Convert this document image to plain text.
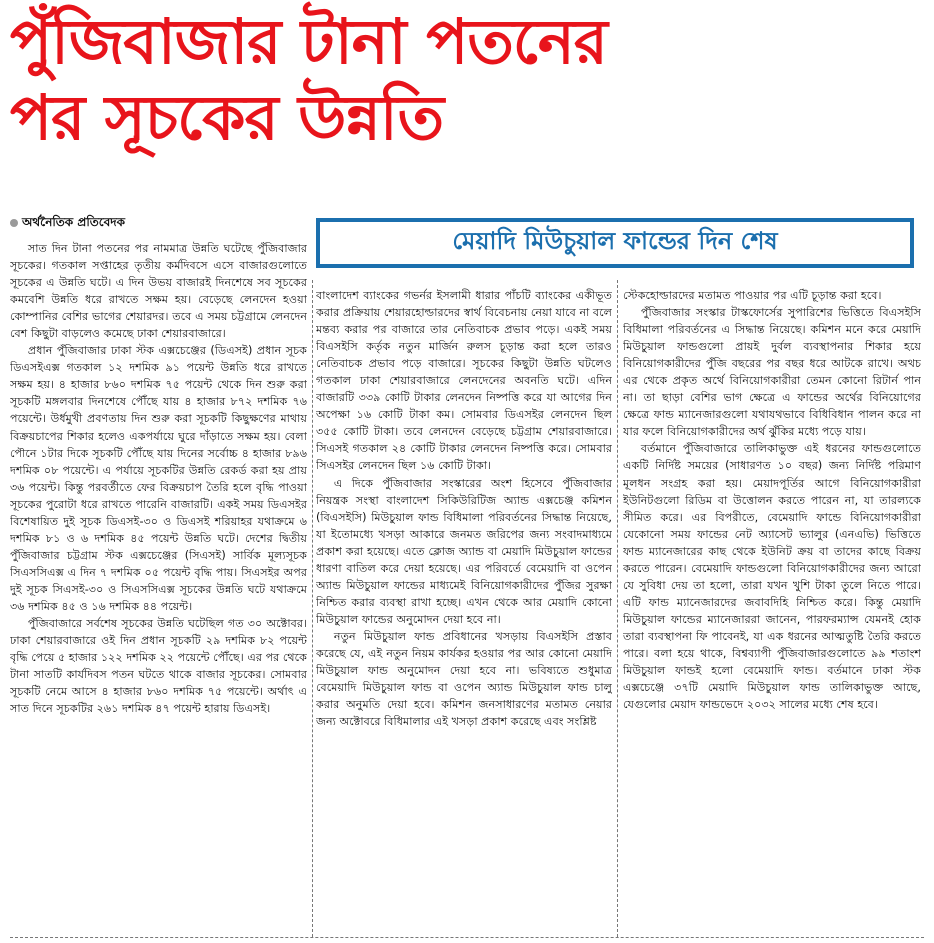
পুঁজিবাজার টানা পতনের
পর সূচকের উন্নতি
অর্থনৈতিক প্রতিবেদক
মেয়াদি মিউচুয়াল ফান্ডের দিন শেষ

সাত দিন টানা পতনের পর নামমাত্র উন্নতি ঘটেছে পুঁজিবাজার সূচকের। গতকাল সপ্তাহের তৃতীয় কর্মদিবসে এসে বাজারগুলোতে সূচকের এ উন্নতি ঘটে। এ দিন উভয় বাজারই দিনশেষে সব সূচকের কমবেশি উন্নতি ধরে রাখতে সক্ষম হয়। বেড়েছে লেনদেন হওয়া কোম্পানির বেশির ভাগের শেয়ারদর। তবে এ সময় চট্টগ্রামে লেনদেন বেশ কিছুটা বাড়লেও কমেছে ঢাকা শেয়ারবাজারে।

প্রধান পুঁজিবাজার ঢাকা স্টক এক্সচেঞ্জের (ডিএসই) প্রধান সূচক ডিএসইএক্স গতকাল ১২ দশমিক ৯১ পয়েন্ট উন্নতি ধরে রাখতে সক্ষম হয়। ৪ হাজার ৮৬০ দশমিক ৭৫ পয়েন্ট থেকে দিন শুরু করা সূচকটি মঙ্গলবার দিনশেষে পৌঁছে যায় ৪ হাজার ৮৭২ দশমিক ৭৬ পয়েন্টে। উর্ধমুখী প্রবণতায় দিন শুরু করা সূচকটি কিছুক্ষণের মাথায় বিক্রয়চাপের শিকার হলেও একপর্যায়ে ঘুরে দাঁড়াতে সক্ষম হয়। বেলা পৌনে ১টার দিকে সূচকটি পৌঁছে যায় দিনের সর্বোচ্চ ৪ হাজার ৮৯৬ দশমিক ০৮ পয়েন্টে। এ পর্যায়ে সূচকটির উন্নতি রেকর্ড করা হয় প্রায় ৩৬ পয়েন্ট। কিন্তু পরবর্তীতে ফের বিক্রয়চাপ তৈরি হলে বৃদ্ধি পাওয়া সূচকের পুরোটা ধরে রাখতে পারেনি বাজারটি। একই সময় ডিএসইর বিশেষায়িত দুই সূচক ডিএসই-৩০ ও ডিএসই শরিয়াহর যথাক্রমে ৬ দশমিক ৮১ ও ৬ দশমিক ৪৫ পয়েন্ট উন্নতি ঘটে। দেশের দ্বিতীয় পুঁজিবাজার চট্টগ্রাম স্টক এক্সচেঞ্জের (সিএসই) সার্বিক মূল্যসূচক সিএসসিএক্স এ দিন ৭ দশমিক ০৫ পয়েন্ট বৃদ্ধি পায়। সিএসইর অপর দুই সূচক সিএসই-৩০ ও সিএসসিএক্স সূচকের উন্নতি ঘটে যথাক্রমে ৩৬ দশমিক ৪৫ ও ১৬ দশমিক ৪৪ পয়েন্ট।

পুঁজিবাজারে সর্বশেষ সূচকের উন্নতি ঘটেছিল গত ৩০ অক্টোবর। ঢাকা শেয়ারবাজারে ওই দিন প্রধান সূচকটি ২৯ দশমিক ৮২ পয়েন্ট বৃদ্ধি পেয়ে ৫ হাজার ১২২ দশমিক ২২ পয়েন্টে পৌঁছে। এর পর থেকে টানা সাতটি কার্যদিবস পতন ঘটতে থাকে বাজার সূচকের। সোমবার সূচকটি নেমে আসে ৪ হাজার ৮৬০ দশমিক ৭৫ পয়েন্টে। অর্থাৎ এ সাত দিনে সূচকটির ২৬১ দশমিক ৪৭ পয়েন্ট হারায় ডিএসই।

বাংলাদেশ ব্যাংকের গভর্নর ইসলামী ধারার পাঁচটি ব্যাংকের একীভূত করার প্রক্রিয়ায় শেয়ারহোল্ডারদের স্বার্থ বিবেচনায় নেয়া যাবে না বলে মন্তব্য করার পর বাজারে তার নেতিবাচক প্রভাব পড়ে। একই সময় বিএসইসি কর্তৃক নতুন মার্জিন রুলস চূড়ান্ত করা হলে তারও নেতিবাচক প্রভাব পড়ে বাজারে। সূচকের কিছুটা উন্নতি ঘটলেও গতকাল ঢাকা শেয়ারবাজারে লেনদেনের অবনতি ঘটে। এদিন বাজারটি ৩৩৯ কোটি টাকার লেনদেন নিষ্পত্তি করে যা আগের দিন অপেক্ষা ১৬ কোটি টাকা কম। সোমবার ডিএসইর লেনদেন ছিল ৩৫৫ কোটি টাকা। তবে লেনদেন বেড়েছে চট্টগ্রাম শেয়ারবাজারে। সিএসই গতকাল ২৪ কোটি টাকার লেনদেন নিষ্পত্তি করে। সোমবার সিএসইর লেনদেন ছিল ১৬ কোটি টাকা।

এ দিকে পুঁজিবাজার সংস্কারের অংশ হিসেবে পুঁজিবাজার নিয়ন্ত্রক সংস্থা বাংলাদেশ সিকিউরিটিজ অ্যান্ড এক্সচেঞ্জ কমিশন (বিএসইসি) মিউচুয়াল ফান্ড বিধিমালা পরিবর্তনের সিদ্ধান্ত নিয়েছে, যা ইতোমধ্যে খসড়া আকারে জনমত জরিপের জন্য সংবাদমাধ্যমে প্রকাশ করা হয়েছে। এতে ক্লোজ অ্যান্ড বা মেয়াদি মিউচুয়াল ফান্ডের ধারণা বাতিল করে দেয়া হয়েছে। এর পরিবর্তে বেমেয়াদি বা ওপেন অ্যান্ড মিউচুয়াল ফান্ডের মাধ্যমেই বিনিয়োগকারীদের পুঁজির সুরক্ষা নিশ্চিত করার ব্যবস্থা রাখা হচ্ছে। এখন থেকে আর মেয়াদি কোনো মিউচুয়াল ফান্ডের অনুমোদন দেয়া হবে না।

নতুন মিউচুয়াল ফান্ড প্রবিধানের খসড়ায় বিএসইসি প্রস্তাব করেছে যে, এই নতুন নিয়ম কার্যকর হওয়ার পর আর কোনো মেয়াদি মিউচুয়াল ফান্ড অনুমোদন দেয়া হবে না। ভবিষ্যতে শুধুমাত্র বেমেয়াদি মিউচুয়াল ফান্ড বা ওপেন অ্যান্ড মিউচুয়াল ফান্ড চালু করার অনুমতি দেয়া হবে। কমিশন জনসাধারণের মতামত নেয়ার জন্য অক্টোবরে বিধিমালার এই খসড়া প্রকাশ করেছে এবং সংশ্লিষ্ট

স্টেকহোল্ডারদের মতামত পাওয়ার পর এটি চূড়ান্ত করা হবে।

পুঁজিবাজার সংস্কার টাস্কফোর্সের সুপারিশের ভিত্তিতে বিএসইসি বিধিমালা পরিবর্তনের এ সিদ্ধান্ত নিয়েছে। কমিশন মনে করে মেয়াদি মিউচুয়াল ফান্ডগুলো প্রায়ই দুর্বল ব্যবস্থাপনার শিকার হয়ে বিনিয়োগকারীদের পুঁজি বছরের পর বছর ধরে আটকে রাখে। অথচ এর থেকে প্রকৃত অর্থে বিনিয়োগকারীরা তেমন কোনো রিটার্ন পান না। তা ছাড়া বেশির ভাগ ক্ষেত্রে এ ফান্ডের অর্থের বিনিয়োগের ক্ষেত্রে ফান্ড ম্যানেজারগুলো যথাযথভাবে বিধিবিধান পালন করে না যার ফলে বিনিয়োগকারীদের অর্থ ঝুঁকির মধ্যে পড়ে যায়।

বর্তমানে পুঁজিবাজারে তালিকাভুক্ত এই ধরনের ফান্ডগুলোতে একটি নির্দিষ্ট সময়ের (সাধারণত ১০ বছর) জন্য নির্দিষ্ট পরিমাণ মূলধন সংগ্রহ করা হয়। মেয়াদপূর্তির আগে বিনিয়োগকারীরা ইউনিটগুলো রিডিম বা উত্তোলন করতে পারেন না, যা তারল্যকে সীমিত করে। এর বিপরীতে, বেমেয়াদি ফান্ডে বিনিয়োগকারীরা যেকোনো সময় ফান্ডের নেট অ্যাসেট ভ্যালুর (এনএভি) ভিত্তিতে ফান্ড ম্যানেজারের কাছ থেকে ইউনিট ক্রয় বা তাদের কাছে বিক্রয় করতে পারেন। বেমেয়াদি ফান্ডগুলো বিনিয়োগকারীদের জন্য আরো যে সুবিধা দেয় তা হলো, তারা যখন খুশি টাকা তুলে নিতে পারে। এটি ফান্ড ম্যানেজারদের জবাবদিহি নিশ্চিত করে। কিন্তু মেয়াদি মিউচুয়াল ফান্ডের ম্যানেজাররা জানেন, পারফরম্যান্স যেমনই হোক তারা ব্যবস্থাপনা ফি পাবেনই, যা এক ধরনের আত্মতুষ্টি তৈরি করতে পারে। বলা হয়ে থাকে, বিশ্বব্যাপী পুঁজিবাজারগুলোতে ৯৯ শতাংশ মিউচুয়াল ফান্ডই হলো বেমেয়াদি ফান্ড। বর্তমানে ঢাকা স্টক এক্সচেঞ্জে ৩৭টি মেয়াদি মিউচুয়াল ফান্ড তালিকাভুক্ত আছে, যেগুলোর মেয়াদ ফান্ডভেদে ২০৩২ সালের মধ্যে শেষ হবে।
